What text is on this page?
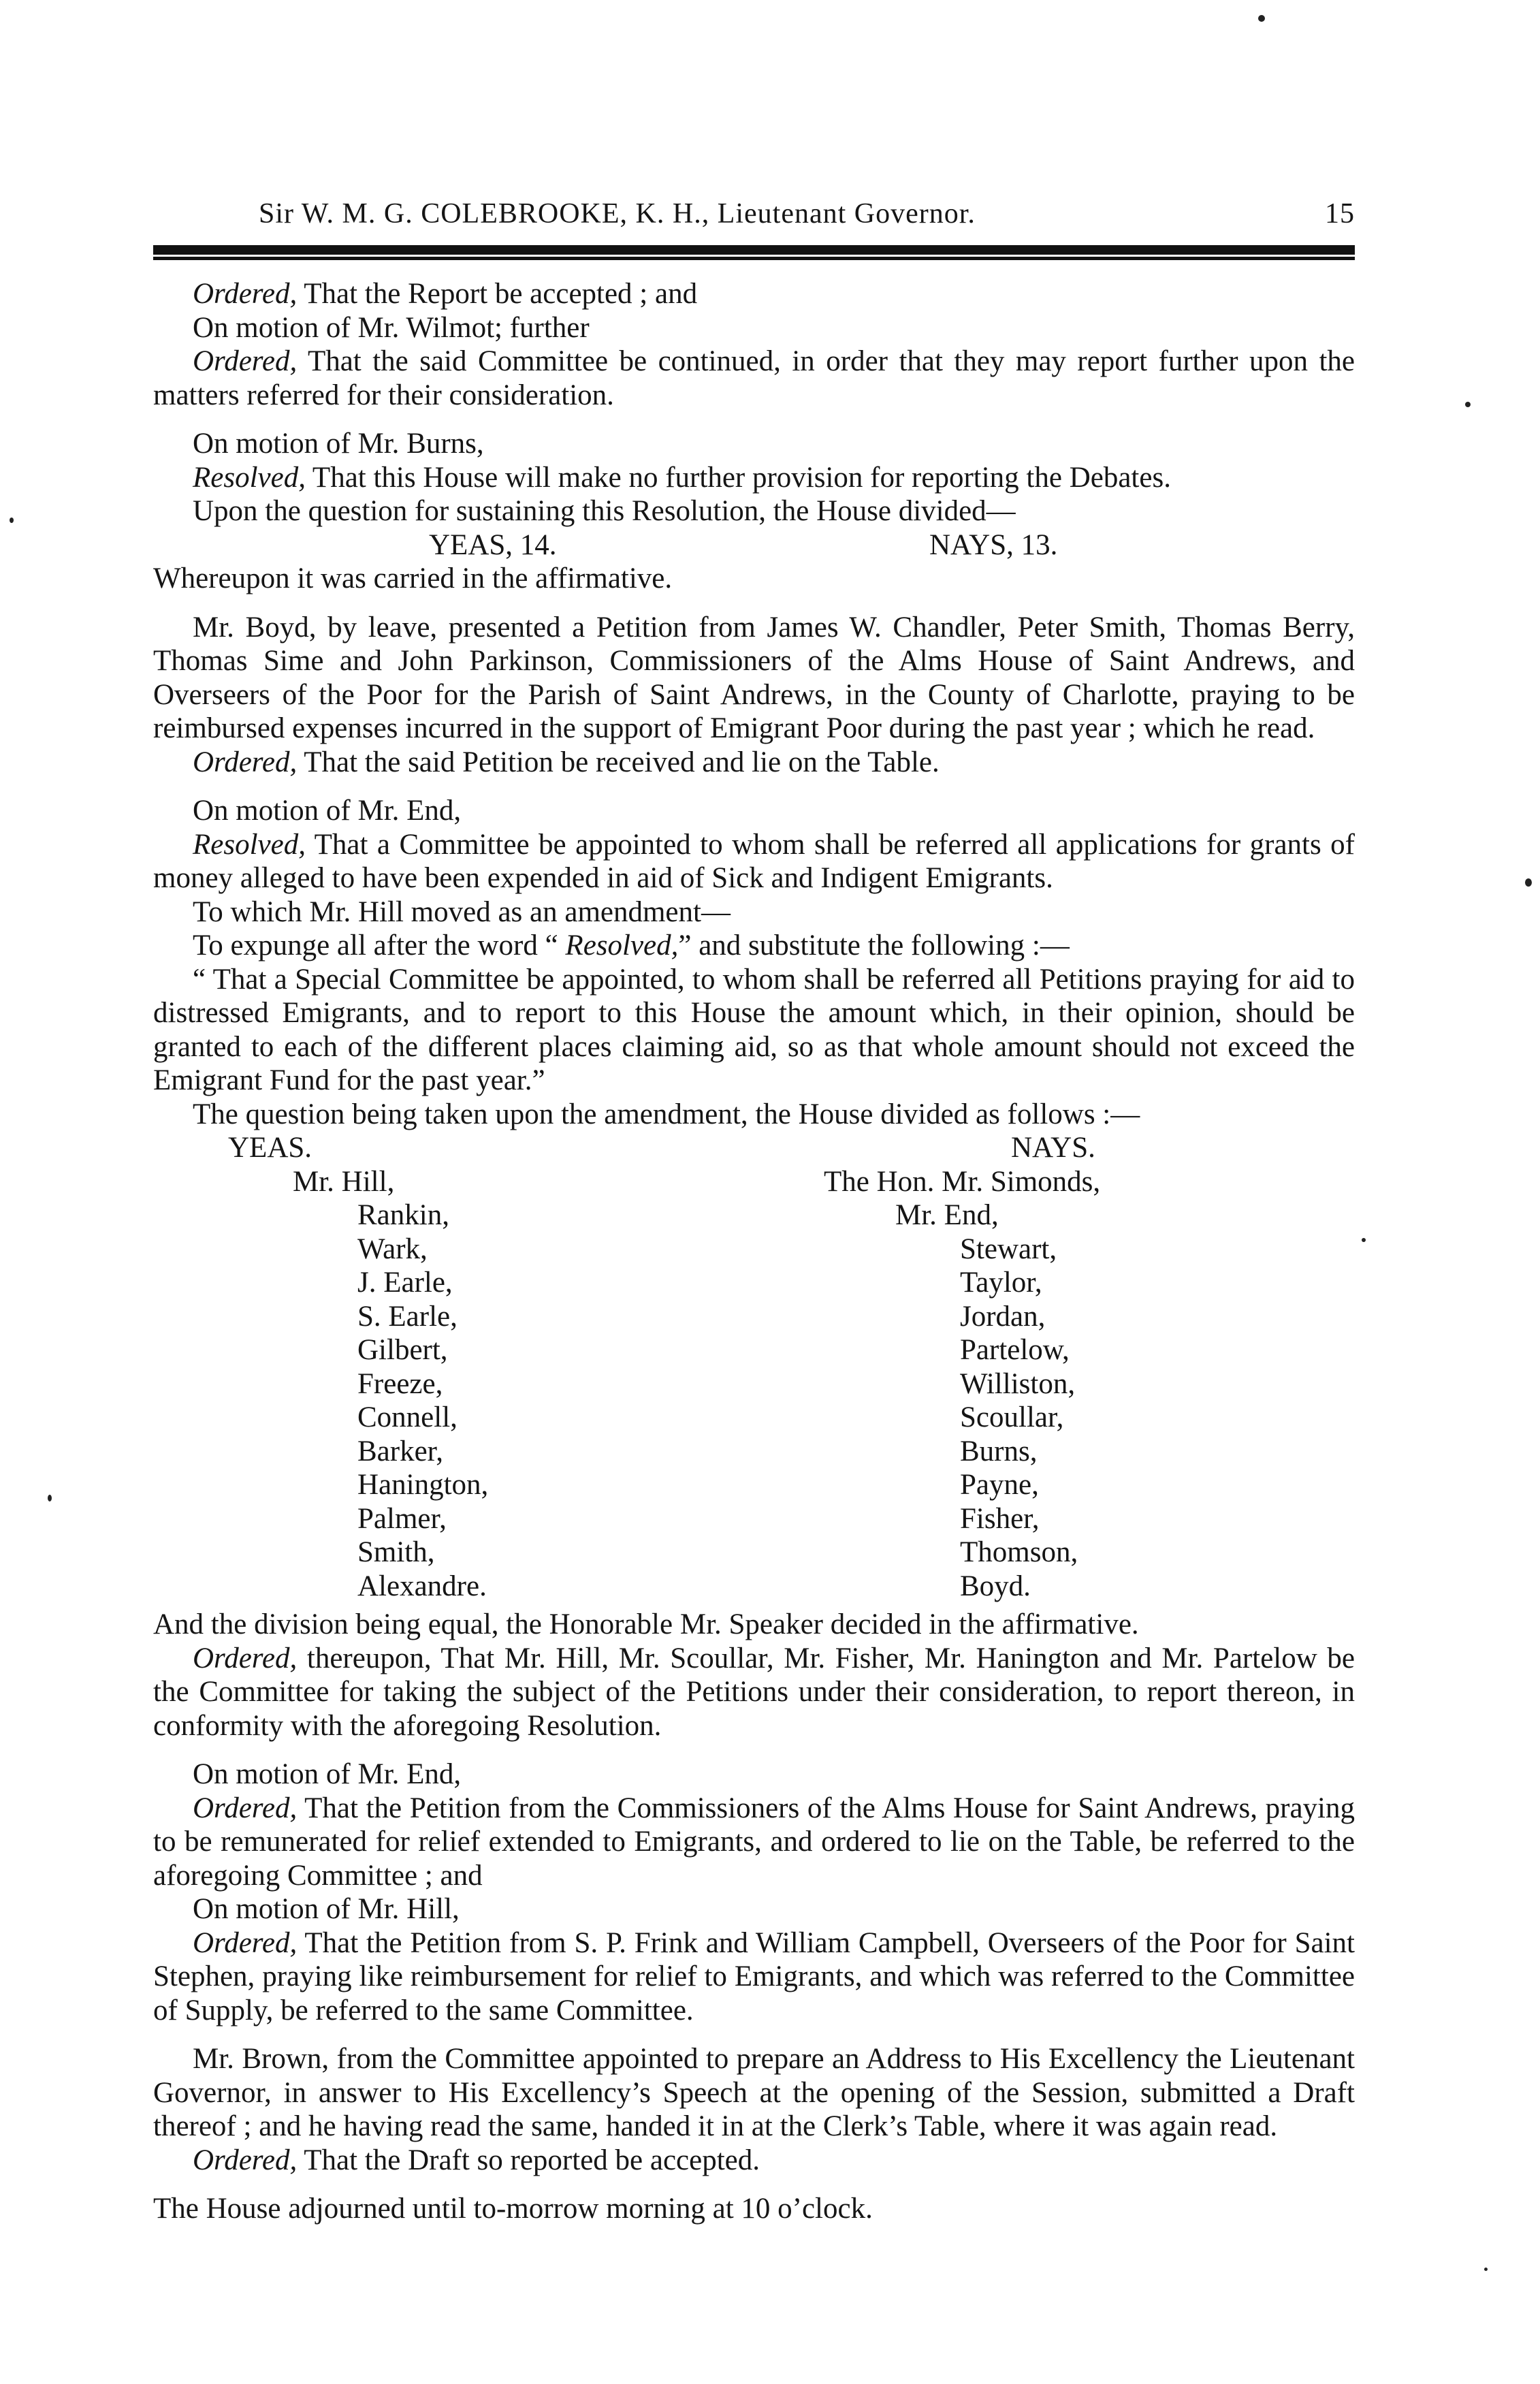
Sir W. M. G. COLEBROOKE, K. H., Lieutenant Governor.	15
Ordered, That the Report be accepted ; and
On motion of Mr. Wilmot; further
Ordered, That the said Committee be continued, in order that they may report further upon the matters referred for their consideration.
On motion of Mr. Burns,
Resolved, That this House will make no further provision for reporting the Debates.
Upon the question for sustaining this Resolution, the House divided—
YEAS, 14.	NAYS, 13.
Whereupon it was carried in the affirmative.
Mr. Boyd, by leave, presented a Petition from James W. Chandler, Peter Smith, Thomas Berry, Thomas Sime and John Parkinson, Commissioners of the Alms House of Saint Andrews, and Overseers of the Poor for the Parish of Saint Andrews, in the County of Charlotte, praying to be reimbursed expenses incurred in the support of Emigrant Poor during the past year ; which he read.
Ordered, That the said Petition be received and lie on the Table.
On motion of Mr. End,
Resolved, That a Committee be appointed to whom shall be referred all applications for grants of money alleged to have been expended in aid of Sick and Indigent Emigrants.
To which Mr. Hill moved as an amendment—
To expunge all after the word “ Resolved,” and substitute the following :—
“ That a Special Committee be appointed, to whom shall be referred all Petitions praying for aid to distressed Emigrants, and to report to this House the amount which, in their opinion, should be granted to each of the different places claiming aid, so as that whole amount should not exceed the Emigrant Fund for the past year.”
The question being taken upon the amendment, the House divided as follows :—
YEAS.
Mr. Hill,
Rankin,
Wark,
J. Earle,
S. Earle,
Gilbert,
Freeze,
Connell,
Barker,
Hanington,
Palmer,
Smith,
Alexandre.
NAYS.
The Hon. Mr. Simonds,
Mr. End,
Stewart,
Taylor,
Jordan,
Partelow,
Williston,
Scoullar,
Burns,
Payne,
Fisher,
Thomson,
Boyd.
And the division being equal, the Honorable Mr. Speaker decided in the affirmative.
Ordered, thereupon, That Mr. Hill, Mr. Scoullar, Mr. Fisher, Mr. Hanington and Mr. Partelow be the Committee for taking the subject of the Petitions under their consideration, to report thereon, in conformity with the aforegoing Resolution.
On motion of Mr. End,
Ordered, That the Petition from the Commissioners of the Alms House for Saint Andrews, praying to be remunerated for relief extended to Emigrants, and ordered to lie on the Table, be referred to the aforegoing Committee ; and
On motion of Mr. Hill,
Ordered, That the Petition from S. P. Frink and William Campbell, Overseers of the Poor for Saint Stephen, praying like reimbursement for relief to Emigrants, and which was referred to the Committee of Supply, be referred to the same Committee.
Mr. Brown, from the Committee appointed to prepare an Address to His Excellency the Lieutenant Governor, in answer to His Excellency’s Speech at the opening of the Session, submitted a Draft thereof ; and he having read the same, handed it in at the Clerk’s Table, where it was again read.
Ordered, That the Draft so reported be accepted.
The House adjourned until to-morrow morning at 10 o’clock.
